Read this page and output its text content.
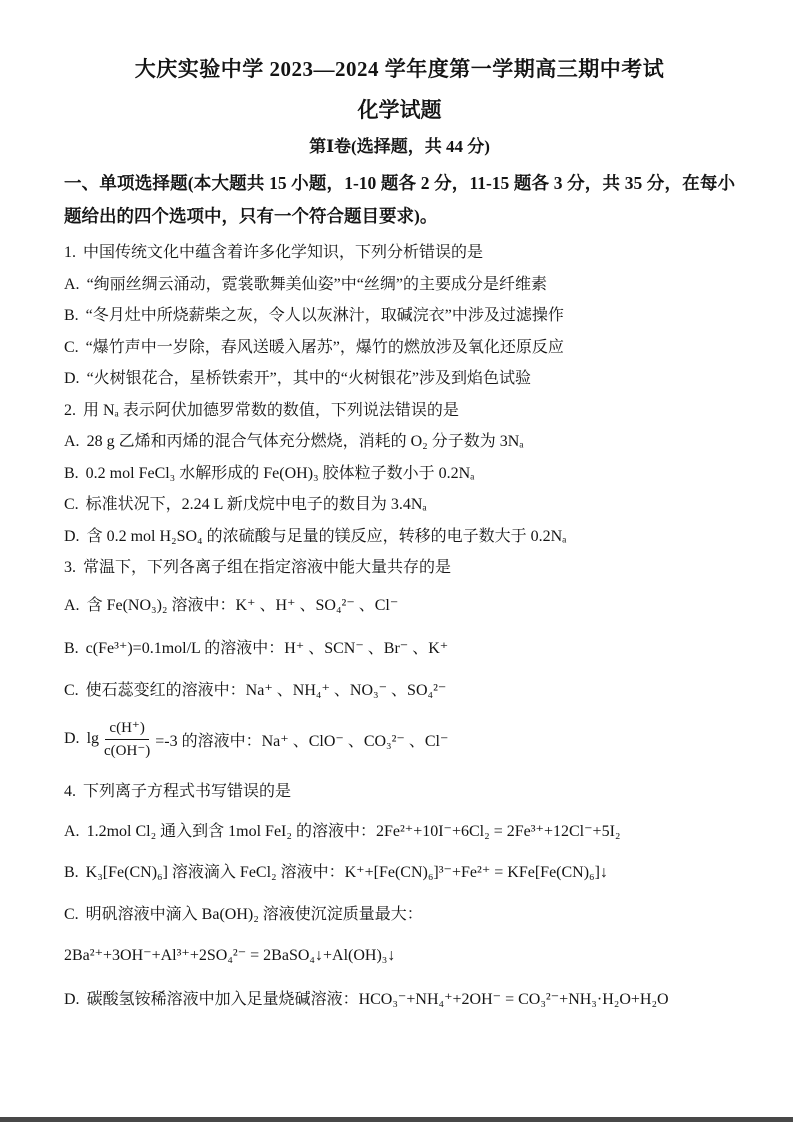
大庆实验中学 2023—2024 学年度第一学期高三期中考试
化学试题
第Ⅰ卷(选择题，共 44 分)
一、单项选择题(本大题共 15 小题，1-10 题各 2 分，11-15 题各 3 分，共 35 分，在每小题给出的四个选项中，只有一个符合题目要求)。
1. 中国传统文化中蕴含着许多化学知识，下列分析错误的是
A. “绚丽丝绸云涌动，霓裳歌舞美仙姿”中“丝绸”的主要成分是纤维素
B. “冬月灶中所烧薪柴之灰，令人以灰淋汁，取碱浣衣”中涉及过滤操作
C. “爆竹声中一岁除，春风送暖入屠苏”，爆竹的燃放涉及氧化还原反应
D. “火树银花合，星桥铁索开”，其中的“火树银花”涉及到焰色试验
2. 用 Nₐ 表示阿伏加德罗常数的数值，下列说法错误的是
A. 28 g 乙烯和丙烯的混合气体充分燃烧，消耗的 O₂ 分子数为 3Nₐ
B. 0.2 mol FeCl₃ 水解形成的 Fe(OH)₃ 胶体粒子数小于 0.2Nₐ
C. 标准状况下，2.24 L 新戊烷中电子的数目为 3.4Nₐ
D. 含 0.2 mol H₂SO₄ 的浓硫酸与足量的镁反应，转移的电子数大于 0.2Nₐ
3. 常温下，下列各离子组在指定溶液中能大量共存的是
A. 含 Fe(NO₃)₂ 溶液中：K⁺ 、H⁺ 、SO₄²⁻ 、Cl⁻
B. c(Fe³⁺)=0.1mol/L 的溶液中：H⁺ 、SCN⁻ 、Br⁻ 、K⁺
C. 使石蕊变红的溶液中：Na⁺ 、NH₄⁺ 、NO₃⁻ 、SO₄²⁻
D. $\lg \frac{c(H^+)}{c(OH^-)} =-3$ 的溶液中：Na⁺ 、ClO⁻ 、CO₃²⁻ 、Cl⁻
4. 下列离子方程式书写错误的是
A. 1.2mol Cl₂ 通入到含 1mol FeI₂ 的溶液中：2Fe²⁺+10I⁻+6Cl₂ = 2Fe³⁺+12Cl⁻+5I₂
B. K₃[Fe(CN)₆] 溶液滴入 FeCl₂ 溶液中：K⁺+[Fe(CN)₆]³⁻+Fe²⁺ = KFe[Fe(CN)₆]↓
C. 明矾溶液中滴入 Ba(OH)₂ 溶液使沉淀质量最大：
2Ba²⁺+3OH⁻+Al³⁺+2SO₄²⁻ = 2BaSO₄↓+Al(OH)₃↓
D. 碳酸氢铵稀溶液中加入足量烧碱溶液：HCO₃⁻+NH₄⁺+2OH⁻ = CO₃²⁻+NH₃·H₂O+H₂O
